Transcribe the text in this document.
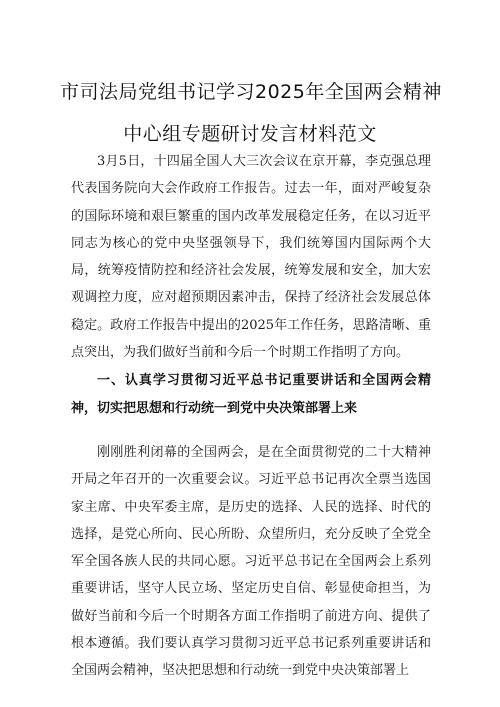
市司法局党组书记学习2025年全国两会精神
中心组专题研讨发言材料范文

3月5日，十四届全国人大三次会议在京开幕，李克强总理代表国务院向大会作政府工作报告。过去一年，面对严峻复杂的国际环境和艰巨繁重的国内改革发展稳定任务，在以习近平同志为核心的党中央坚强领导下，我们统筹国内国际两个大局，统筹疫情防控和经济社会发展，统筹发展和安全，加大宏观调控力度，应对超预期因素冲击，保持了经济社会发展总体稳定。政府工作报告中提出的2025年工作任务，思路清晰、重点突出，为我们做好当前和今后一个时期工作指明了方向。

一、认真学习贯彻习近平总书记重要讲话和全国两会精神，切实把思想和行动统一到党中央决策部署上来

刚刚胜利闭幕的全国两会，是在全面贯彻党的二十大精神开局之年召开的一次重要会议。习近平总书记再次全票当选国家主席、中央军委主席，是历史的选择、人民的选择、时代的选择，是党心所向、民心所盼、众望所归，充分反映了全党全军全国各族人民的共同心愿。习近平总书记在全国两会上系列重要讲话，坚守人民立场、坚定历史自信、彰显使命担当，为做好当前和今后一个时期各方面工作指明了前进方向、提供了根本遵循。我们要认真学习贯彻习近平总书记系列重要讲话和全国两会精神，坚决把思想和行动统一到党中央决策部署上
